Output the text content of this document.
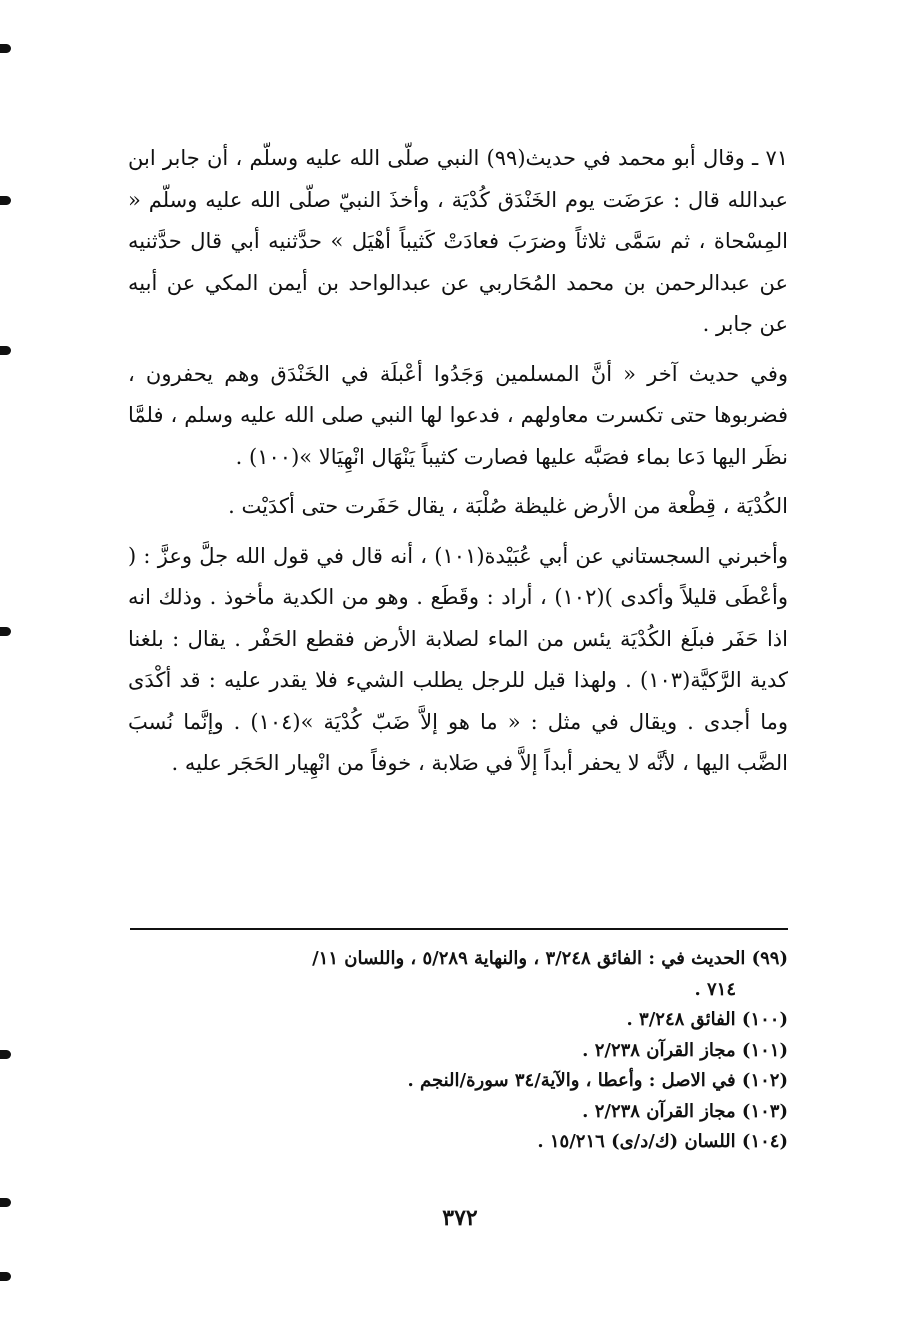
٧١ ـ وقال أبو محمد في حديث(٩٩) النبي صلّى الله عليه وسلّم ، أن جابر ابن عبدالله قال : عرَضَت يوم الخَنْدَق كُدْيَة ، وأخذَ النبيّ صلّى الله عليه وسلّم « المِسْحاة ، ثم سَمَّى ثلاثاً وضرَبَ فعادَتْ كَثيباً أهْيَل » حدَّثنيه أبي قال حدَّثنيه عن عبدالرحمن بن محمد المُحَاربي عن عبدالواحد بن أيمن المكي عن أبيه عن جابر .

وفي حديث آخر « أنَّ المسلمين وَجَدُوا أعْبلَة في الخَنْدَق وهم يحفرون ، فضربوها حتى تكسرت معاولهم ، فدعوا لها النبي صلى الله عليه وسلم ، فلمَّا نظَر اليها دَعا بماء فصَبَّه عليها فصارت كثيباً يَنْهَال انْهِيَالا »(١٠٠) .

الكُدْيَة ، قِطْعة من الأرض غليظة صُلْبَة ، يقال حَفَرت حتى أكدَيْت .

وأخبرني السجستاني عن أبي عُبَيْدة(١٠١) ، أنه قال في قول الله جلَّ وعزَّ : ( وأعْطَى قليلاً وأكدى )(١٠٢) ، أراد : وقَطَع . وهو من الكدية مأخوذ . وذلك انه اذا حَفَر فبلَغ الكُدْيَة يئس من الماء لصلابة الأرض فقطع الحَفْر . يقال : بلغنا كدية الرَّكيَّة(١٠٣) . ولهذا قيل للرجل يطلب الشيء فلا يقدر عليه : قد أكْدَى وما أجدى . ويقال في مثل : « ما هو إلاَّ ضَبّ كُدْيَة »(١٠٤) . وإنَّما نُسبَ الضَّب اليها ، لأنَّه لا يحفر أبداً إلاَّ في صَلابة ، خوفاً من انْهِيار الحَجَر عليه .

(٩٩) الحديث في : الفائق ٣/٢٤٨ ، والنهاية ٥/٢٨٩ ، واللسان ١١/
٧١٤ .
(١٠٠) الفائق ٣/٢٤٨ .
(١٠١) مجاز القرآن ٢/٢٣٨ .
(١٠٢) في الاصل : وأعطا ، والآية/٣٤ سورة/النجم .
(١٠٣) مجاز القرآن ٢/٢٣٨ .
(١٠٤) اللسان (ك/د/ى) ١٥/٢١٦ .
٣٧٢
